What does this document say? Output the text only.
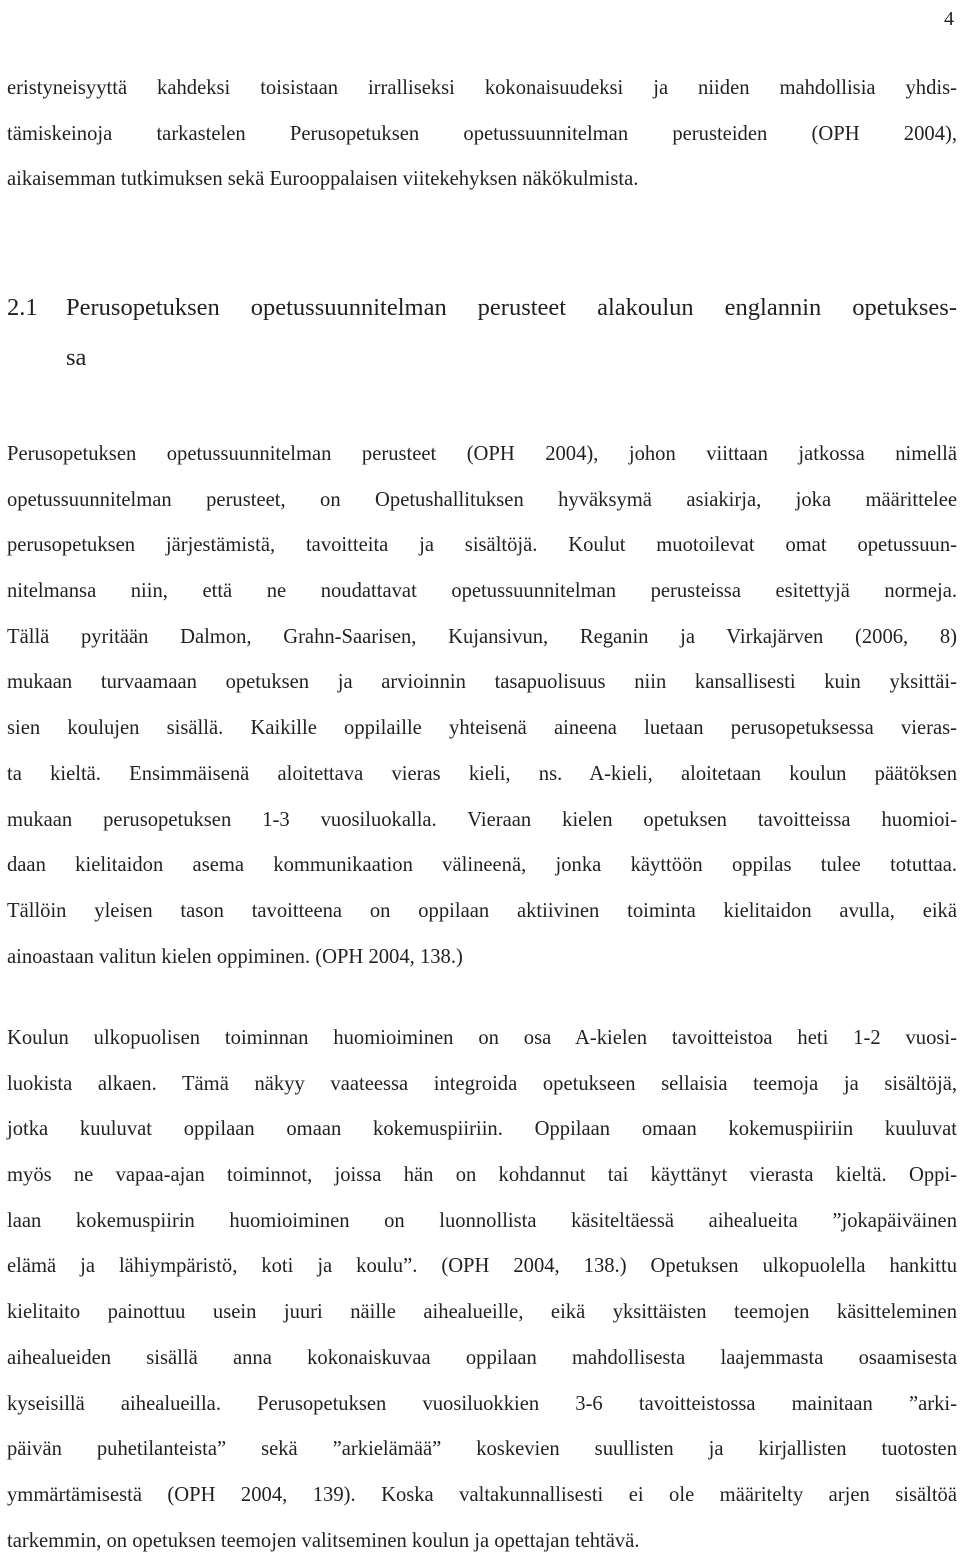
4
eristyneisyyttä kahdeksi toisistaan irralliseksi kokonaisuudeksi ja niiden mahdollisia yhdis-
tämiskeinoja tarkastelen Perusopetuksen opetussuunnitelman perusteiden (OPH 2004),
aikaisemman tutkimuksen sekä Eurooppalaisen viitekehyksen näkökulmista.
2.1 Perusopetuksen opetussuunnitelman perusteet alakoulun englannin opetukses-
sa
Perusopetuksen opetussuunnitelman perusteet (OPH 2004), johon viittaan jatkossa nimellä
opetussuunnitelman perusteet, on Opetushallituksen hyväksymä asiakirja, joka määrittelee
perusopetuksen järjestämistä, tavoitteita ja sisältöjä. Koulut muotoilevat omat opetussuun-
nitelmansa niin, että ne noudattavat opetussuunnitelman perusteissa esitettyjä normeja.
Tällä pyritään Dalmon, Grahn-Saarisen, Kujansivun, Reganin ja Virkajärven (2006, 8)
mukaan turvaamaan opetuksen ja arvioinnin tasapuolisuus niin kansallisesti kuin yksittäi-
sien koulujen sisällä. Kaikille oppilaille yhteisenä aineena luetaan perusopetuksessa vieras-
ta kieltä. Ensimmäisenä aloitettava vieras kieli, ns. A-kieli, aloitetaan koulun päätöksen
mukaan perusopetuksen 1-3 vuosiluokalla. Vieraan kielen opetuksen tavoitteissa huomioi-
daan kielitaidon asema kommunikaation välineenä, jonka käyttöön oppilas tulee totuttaa.
Tällöin yleisen tason tavoitteena on oppilaan aktiivinen toiminta kielitaidon avulla, eikä
ainoastaan valitun kielen oppiminen. (OPH 2004, 138.)
Koulun ulkopuolisen toiminnan huomioiminen on osa A-kielen tavoitteistoa heti 1-2 vuosi-
luokista alkaen. Tämä näkyy vaateessa integroida opetukseen sellaisia teemoja ja sisältöjä,
jotka kuuluvat oppilaan omaan kokemuspiiriin. Oppilaan omaan kokemuspiiriin kuuluvat
myös ne vapaa-ajan toiminnot, joissa hän on kohdannut tai käyttänyt vierasta kieltä. Oppi-
laan kokemuspiirin huomioiminen on luonnollista käsiteltäessä aihealueita ”jokapäiväinen
elämä ja lähiympäristö, koti ja koulu”. (OPH 2004, 138.) Opetuksen ulkopuolella hankittu
kielitaito painottuu usein juuri näille aihealueille, eikä yksittäisten teemojen käsitteleminen
aihealueiden sisällä anna kokonaiskuvaa oppilaan mahdollisesta laajemmasta osaamisesta
kyseisillä aihealueilla. Perusopetuksen vuosiluokkien 3-6 tavoitteistossa mainitaan ”arki-
päivän puhetilanteista” sekä ”arkielämää” koskevien suullisten ja kirjallisten tuotosten
ymmärtämisestä (OPH 2004, 139). Koska valtakunnallisesti ei ole määritelty arjen sisältöä
tarkemmin, on opetuksen teemojen valitseminen koulun ja opettajan tehtävä.
